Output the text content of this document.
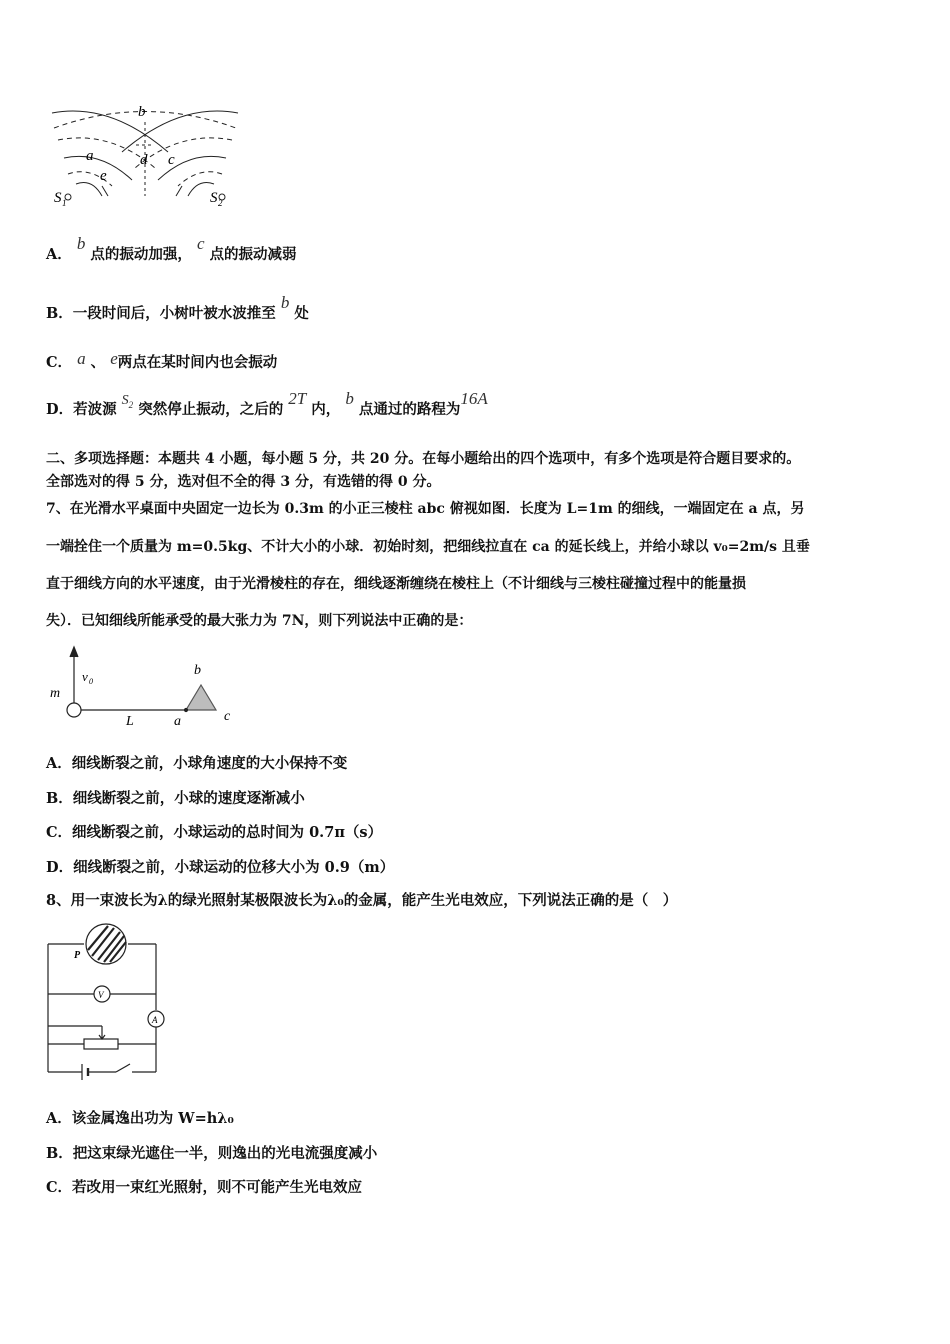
b
a	d c
e
S 1	S 2
A． b 点的振动加强， c 点的振动减弱
B．一段时间后，小树叶被水波推至 b 处
C． a 、 e两点在某时间内也会振动
D．若波源 $S^2$ 突然停止振动，之后的 2T 内， b 点通过的路程为16A
二、多项选择题：本题共 4 小题，每小题 5 分，共 20 分。在每小题给出的四个选项中，有多个选项是符合题目要求的。
全部选对的得 5 分，选对但不全的得 3 分，有选错的得 0 分。
7、在光滑水平桌面中央固定一边长为 0.3m 的小正三棱柱 abc 俯视如图．长度为 L=1m 的细线，一端固定在 a 点，另
一端拴住一个质量为 m=0.5kg、不计大小的小球．初始时刻，把细线拉直在 ca 的延长线上，并给小球以 v₀=2m/s 且垂
直于细线方向的水平速度，由于光滑棱柱的存在，细线逐渐缠绕在棱柱上（不计细线与三棱柱碰撞过程中的能量损
失）．已知细线所能承受的最大张力为 7N，则下列说法中正确的是：
m
v 0
L	a
b
c
A．细线断裂之前，小球角速度的大小保持不变
B．细线断裂之前，小球的速度逐渐减小
C．细线断裂之前，小球运动的总时间为 0.7π（s）
D．细线断裂之前，小球运动的位移大小为 0.9（m）
8、用一束波长为λ的绿光照射某极限波长为λ₀的金属，能产生光电效应，下列说法正确的是（　）
P
V
A
A．该金属逸出功为 W=hλ₀
B．把这束绿光遮住一半，则逸出的光电流强度减小
C．若改用一束红光照射，则不可能产生光电效应
